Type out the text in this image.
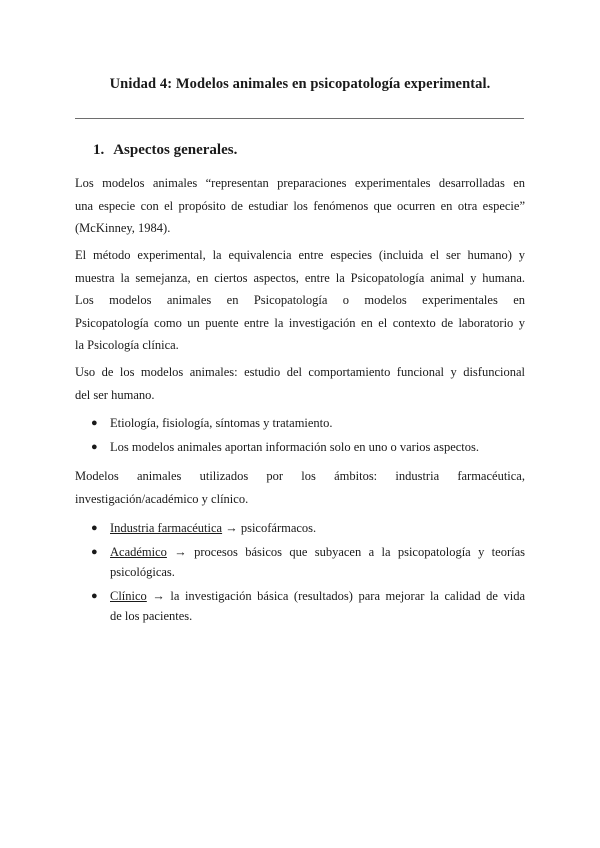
Unidad 4: Modelos animales en psicopatología experimental.
1. Aspectos generales.
Los modelos animales “representan preparaciones experimentales desarrolladas en
una especie con el propósito de estudiar los fenómenos que ocurren en otra especie”
(McKinney, 1984).
El método experimental, la equivalencia entre especies (incluida el ser humano) y
muestra la semejanza, en ciertos aspectos, entre la Psicopatología animal y humana.
Los modelos animales en Psicopatología o modelos experimentales en
Psicopatología como un puente entre la investigación en el contexto de laboratorio y
la Psicología clínica.
Uso de los modelos animales: estudio del comportamiento funcional y disfuncional
del ser humano.
● Etiología, fisiología, síntomas y tratamiento.
● Los modelos animales aportan información solo en uno o varios aspectos.
Modelos animales utilizados por los ámbitos: industria farmacéutica,
investigación/académico y clínico.
● Industria farmacéutica → psicofármacos.
● Académico → procesos básicos que subyacen a la psicopatología y teorías
psicológicas.
● Clínico → la investigación básica (resultados) para mejorar la calidad de vida
de los pacientes.
